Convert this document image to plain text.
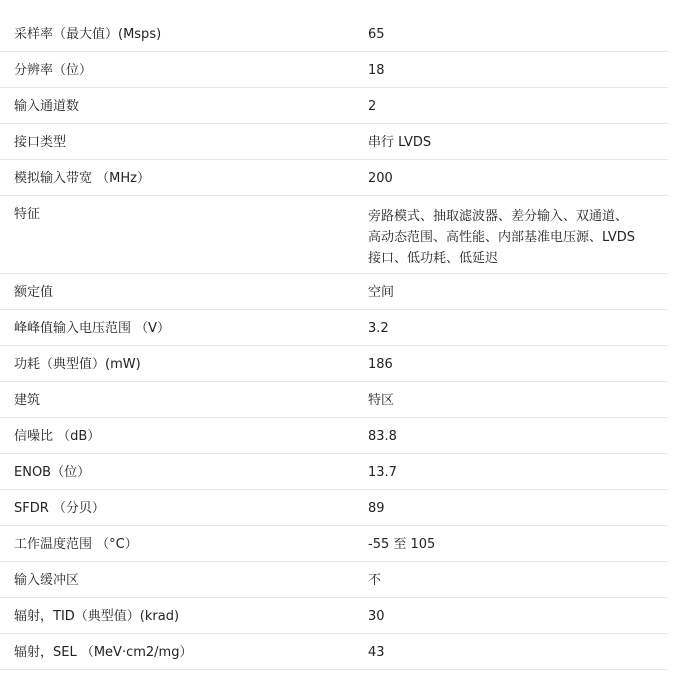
采样率（最大值）(Msps)	65
分辨率（位）	18
输入通道数	2
接口类型	串行 LVDS
模拟输入带宽 （MHz）	200
特征	旁路模式、抽取滤波器、差分输入、双通道、
高动态范围、高性能、内部基准电压源、LVDS
接口、低功耗、低延迟
额定值	空间
峰峰值输入电压范围 （V）	3.2
功耗（典型值）(mW)	186
建筑	特区
信噪比 （dB）	83.8
ENOB（位）	13.7
SFDR （分贝）	89
工作温度范围 （°C）	-55 至 105
输入缓冲区	不
辐射，TID（典型值）(krad)	30
辐射，SEL （MeV·cm2/mg）	43
